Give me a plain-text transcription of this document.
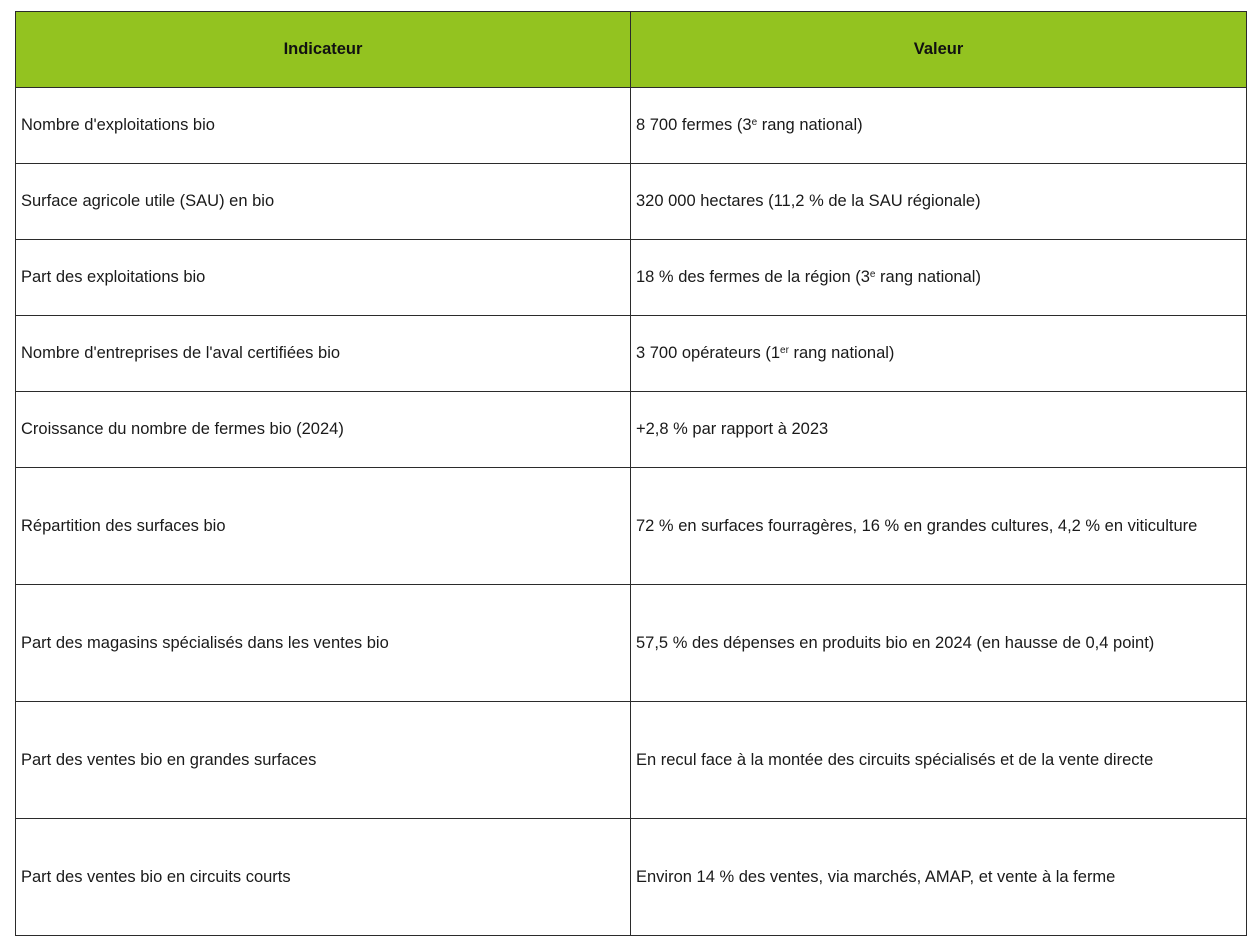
Indicateur	Valeur
Nombre d'exploitations bio	8 700 fermes (3e rang national)
Surface agricole utile (SAU) en bio	320 000 hectares (11,2 % de la SAU régionale)
Part des exploitations bio	18 % des fermes de la région (3e rang national)
Nombre d'entreprises de l'aval certifiées bio	3 700 opérateurs (1er rang national)
Croissance du nombre de fermes bio (2024)	+2,8 % par rapport à 2023
Répartition des surfaces bio	72 % en surfaces fourragères, 16 % en grandes cultures, 4,2 % en viticulture
Part des magasins spécialisés dans les ventes bio	57,5 % des dépenses en produits bio en 2024 (en hausse de 0,4 point)
Part des ventes bio en grandes surfaces	En recul face à la montée des circuits spécialisés et de la vente directe
Part des ventes bio en circuits courts	Environ 14 % des ventes, via marchés, AMAP, et vente à la ferme
